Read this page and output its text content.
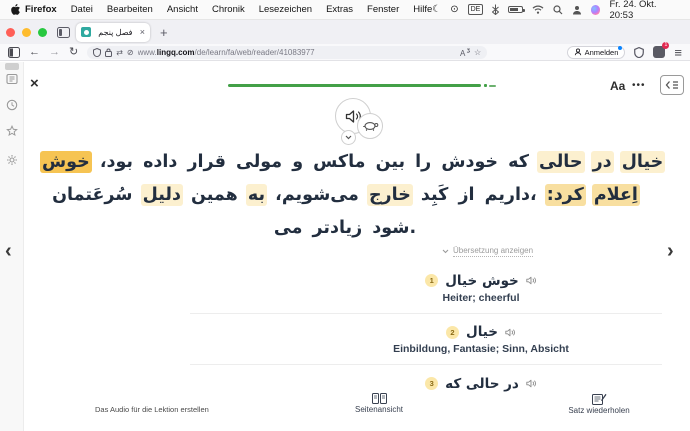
Firefox Datei Bearbeiten Ansicht Chronik Lesezeichen Extras Fenster Hilfe ☾ ⊙	DE	Fr. 24. Okt. 20:53
فصل پنجم × +
← → ↻	⇄ ⊘ www.lingq.com/de/learn/fa/web/reader/41083977	A ☆	Anmelden
1 ≡
×	Aa •••
خوش بود، داده قرار مولی و ماکس بین را خودش که حالی در خیال
سُرعَتمان دلیل همین به می‌شویم، خارج کَبِد از ،داریم کرد: اِعلام
می زیادتر .شود
Übersetzung anzeigen
‹	›
1 خوش خیال
Heiter; cheerful
2 خیال
Einbildung, Fantasie; Sinn, Absicht
3 در حالی که
Das Audio für die Lektion erstellen	Seitenansicht	Satz wiederholen
